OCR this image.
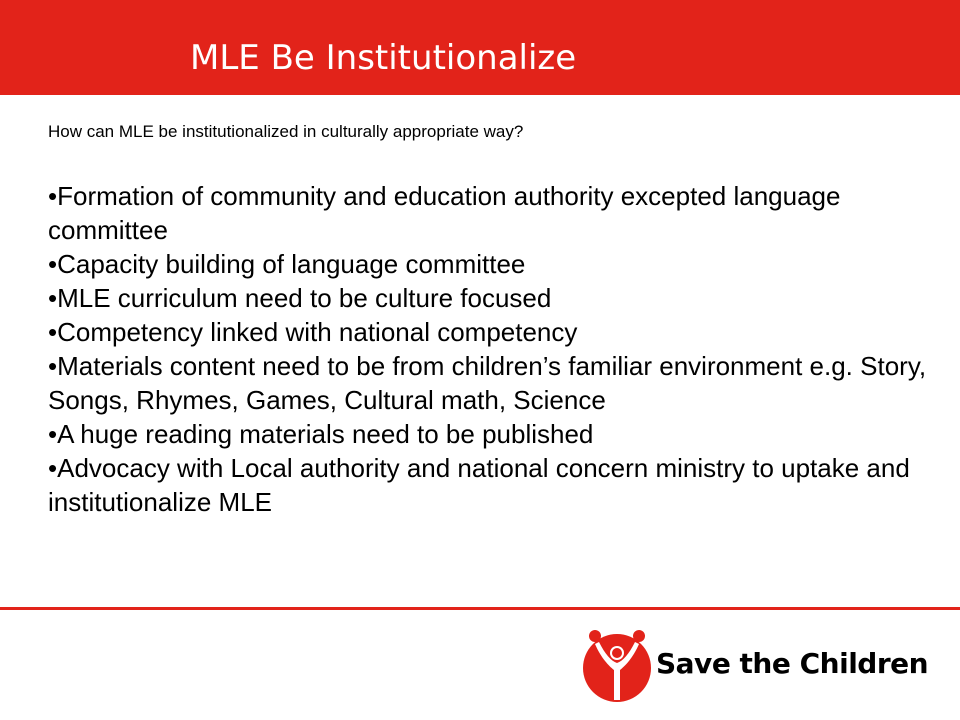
MLE Be Institutionalize

How can MLE be institutionalized in culturally appropriate way?

•Formation of community and education authority excepted language committee
•Capacity building of language committee
•MLE curriculum need to be culture focused
•Competency linked with national competency
•Materials content need to be from children’s familiar environment e.g. Story, Songs, Rhymes, Games, Cultural math, Science
•A huge reading materials need to be published
•Advocacy with Local authority and national concern ministry to uptake and institutionalize MLE

Save the Children
